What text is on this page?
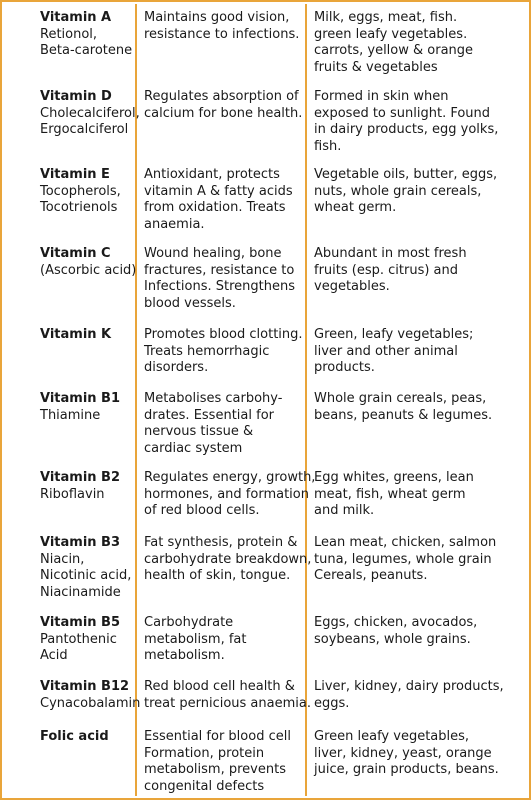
Vitamin A
Retionol,
Beta-carotene
Maintains good vision,
resistance to infections.
Milk, eggs, meat, fish.
green leafy vegetables.
carrots, yellow & orange
fruits & vegetables
Vitamin D
Cholecalciferol,
Ergocalciferol
Regulates absorption of
calcium for bone health.
Formed in skin when
exposed to sunlight. Found
in dairy products, egg yolks,
fish.
Vitamin E
Tocopherols,
Tocotrienols
Antioxidant, protects
vitamin A & fatty acids
from oxidation. Treats
anaemia.
Vegetable oils, butter, eggs,
nuts, whole grain cereals,
wheat germ.
Vitamin C
(Ascorbic acid)
Wound healing, bone
fractures, resistance to
Infections. Strengthens
blood vessels.
Abundant in most fresh
fruits (esp. citrus) and
vegetables.
Vitamin K	Promotes blood clotting.
Treats hemorrhagic
disorders.
Green, leafy vegetables;
liver and other animal
products.
Vitamin B1
Thiamine
Metabolises carbohy-
drates. Essential for
nervous tissue &
cardiac system
Whole grain cereals, peas,
beans, peanuts & legumes.
Vitamin B2
Riboflavin
Regulates energy, growth,
hormones, and formation
of red blood cells.
Egg whites, greens, lean
meat, fish, wheat germ
and milk.
Vitamin B3
Niacin,
Nicotinic acid,
Niacinamide
Fat synthesis, protein &
carbohydrate breakdown,
health of skin, tongue.
Lean meat, chicken, salmon
tuna, legumes, whole grain
Cereals, peanuts.
Vitamin B5
Pantothenic
Acid
Carbohydrate
metabolism, fat
metabolism.
Eggs, chicken, avocados,
soybeans, whole grains.
Vitamin B12
Cynacobalamin
Red blood cell health &
treat pernicious anaemia.
Liver, kidney, dairy products,
eggs.
Folic acid	Essential for blood cell
Formation, protein
metabolism, prevents
congenital defects
Green leafy vegetables,
liver, kidney, yeast, orange
juice, grain products, beans.
